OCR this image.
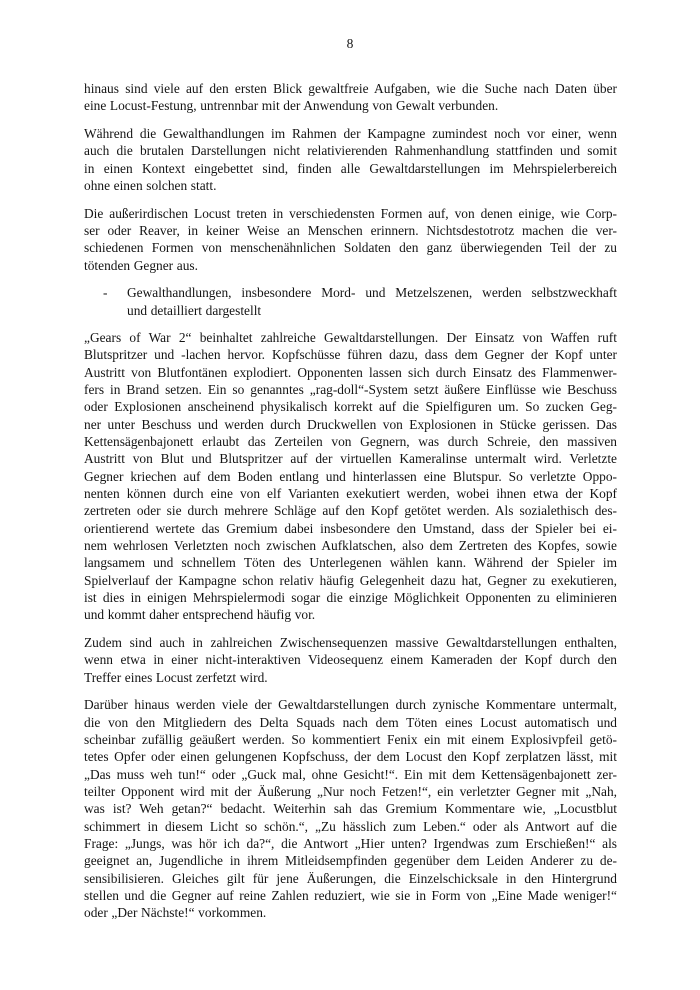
8
hinaus sind viele auf den ersten Blick gewaltfreie Aufgaben, wie die Suche nach Daten über
eine Locust-Festung, untrennbar mit der Anwendung von Gewalt verbunden.
Während die Gewalthandlungen im Rahmen der Kampagne zumindest noch vor einer, wenn
auch die brutalen Darstellungen nicht relativierenden Rahmenhandlung stattfinden und somit
in einen Kontext eingebettet sind, finden alle Gewaltdarstellungen im Mehrspielerbereich
ohne einen solchen statt.
Die außerirdischen Locust treten in verschiedensten Formen auf, von denen einige, wie Corp-
ser oder Reaver, in keiner Weise an Menschen erinnern. Nichtsdestotrotz machen die ver-
schiedenen Formen von menschenähnlichen Soldaten den ganz überwiegenden Teil der zu
tötenden Gegner aus.
- Gewalthandlungen, insbesondere Mord- und Metzelszenen, werden selbstzweckhaft
und detailliert dargestellt
„Gears of War 2“ beinhaltet zahlreiche Gewaltdarstellungen. Der Einsatz von Waffen ruft
Blutspritzer und -lachen hervor. Kopfschüsse führen dazu, dass dem Gegner der Kopf unter
Austritt von Blutfontänen explodiert. Opponenten lassen sich durch Einsatz des Flammenwer-
fers in Brand setzen. Ein so genanntes „rag-doll“-System setzt äußere Einflüsse wie Beschuss
oder Explosionen anscheinend physikalisch korrekt auf die Spielfiguren um. So zucken Geg-
ner unter Beschuss und werden durch Druckwellen von Explosionen in Stücke gerissen. Das
Kettensägenbajonett erlaubt das Zerteilen von Gegnern, was durch Schreie, den massiven
Austritt von Blut und Blutspritzer auf der virtuellen Kameralinse untermalt wird. Verletzte
Gegner kriechen auf dem Boden entlang und hinterlassen eine Blutspur. So verletzte Oppo-
nenten können durch eine von elf Varianten exekutiert werden, wobei ihnen etwa der Kopf
zertreten oder sie durch mehrere Schläge auf den Kopf getötet werden. Als sozialethisch des-
orientierend wertete das Gremium dabei insbesondere den Umstand, dass der Spieler bei ei-
nem wehrlosen Verletzten noch zwischen Aufklatschen, also dem Zertreten des Kopfes, sowie
langsamem und schnellem Töten des Unterlegenen wählen kann. Während der Spieler im
Spielverlauf der Kampagne schon relativ häufig Gelegenheit dazu hat, Gegner zu exekutieren,
ist dies in einigen Mehrspielermodi sogar die einzige Möglichkeit Opponenten zu eliminieren
und kommt daher entsprechend häufig vor.
Zudem sind auch in zahlreichen Zwischensequenzen massive Gewaltdarstellungen enthalten,
wenn etwa in einer nicht-interaktiven Videosequenz einem Kameraden der Kopf durch den
Treffer eines Locust zerfetzt wird.
Darüber hinaus werden viele der Gewaltdarstellungen durch zynische Kommentare untermalt,
die von den Mitgliedern des Delta Squads nach dem Töten eines Locust automatisch und
scheinbar zufällig geäußert werden. So kommentiert Fenix ein mit einem Explosivpfeil getö-
tetes Opfer oder einen gelungenen Kopfschuss, der dem Locust den Kopf zerplatzen lässt, mit
„Das muss weh tun!“ oder „Guck mal, ohne Gesicht!“. Ein mit dem Kettensägenbajonett zer-
teilter Opponent wird mit der Äußerung „Nur noch Fetzen!“, ein verletzter Gegner mit „Nah,
was ist? Weh getan?“ bedacht. Weiterhin sah das Gremium Kommentare wie, „Locustblut
schimmert in diesem Licht so schön.“, „Zu hässlich zum Leben.“ oder als Antwort auf die
Frage: „Jungs, was hör ich da?“, die Antwort „Hier unten? Irgendwas zum Erschießen!“ als
geeignet an, Jugendliche in ihrem Mitleidsempfinden gegenüber dem Leiden Anderer zu de-
sensibilisieren. Gleiches gilt für jene Äußerungen, die Einzelschicksale in den Hintergrund
stellen und die Gegner auf reine Zahlen reduziert, wie sie in Form von „Eine Made weniger!“
oder „Der Nächste!“ vorkommen.
